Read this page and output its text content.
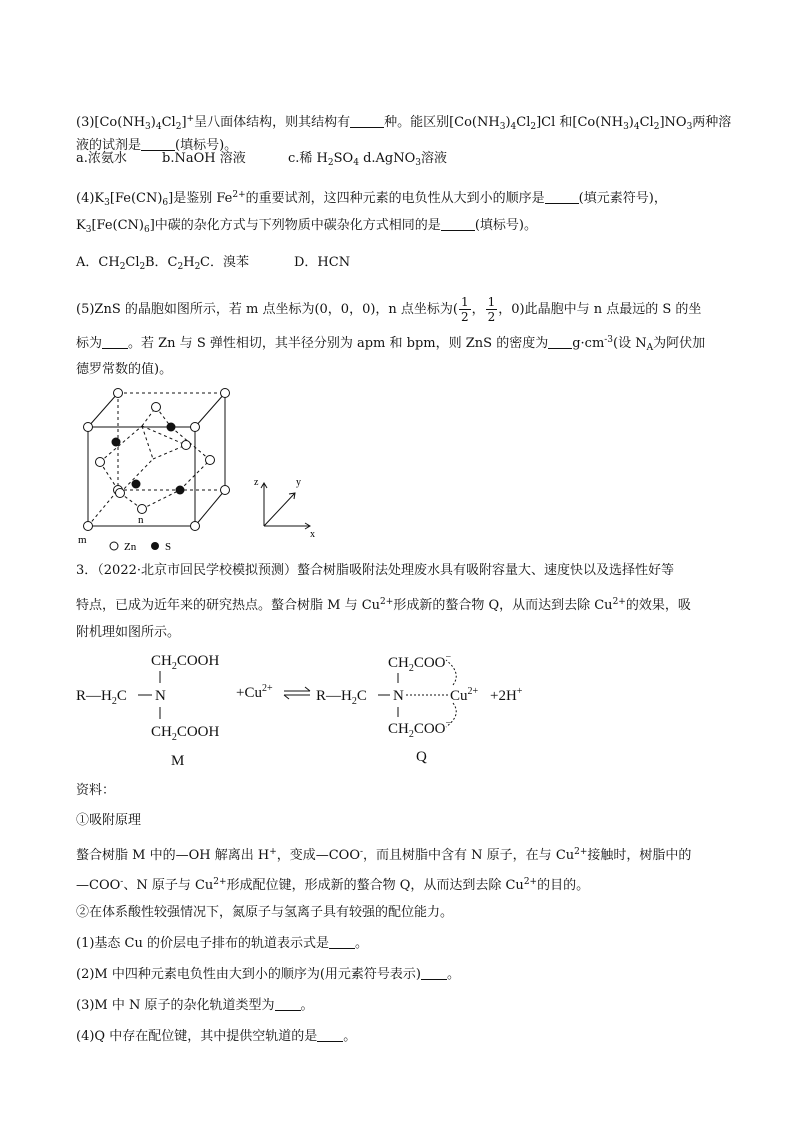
$(3)[Co(NH_3)_4Cl_2]^+$呈八面体结构，则其结构有	种。能区别$[Co(NH_3)_4Cl_2]Cl$ 和$[Co(NH_3)_4Cl_2]NO_3$两种溶
液的试剂是	(填标号)。
a.浓氨水	b.NaOH 溶液	c.稀 $H_2SO_4$ d.AgNO$_3$溶液
$(4)K_3[Fe(CN)_6]$是鉴别 $Fe^{2+}$的重要试剂，这四种元素的电负性从大到小的顺序是	(填元素符号)，
$K_3[Fe(CN)_6]$中碳的杂化方式与下列物质中碳杂化方式相同的是	(填标号)。
A．$CH_2Cl_2$ B．$C_2H_2$ C．溴苯	D．HCN
(5)ZnS 的晶胞如图所示，若 m 点坐标为(0，0，0)，n 点坐标为( $\frac{1}{2}$ ， $\frac{1}{2}$ ，0)此晶胞中与 n 点最远的 S 的坐
标为 。若 Zn 与 S 弹性相切，其半径分别为 apm 和 bpm，则 ZnS 的密度为 $g\cdot cm^{-3}$(设 $N_A$为阿伏加
德罗常数的值)。
n
m
Zn	S
z	y
x
3．（2022·北京市回民学校模拟预测）螯合树脂吸附法处理废水具有吸附容量大、速度快以及选择性好等
特点，已成为近年来的研究热点。螯合树脂 M 与 $Cu^{2+}$形成新的螯合物 Q，从而达到去除 $Cu^{2+}$的效果，吸
附机理如图所示。
$CH_2COOH$
$R—H_2C$ N
$CH_2COOH$
M
$+Cu^{2+}$
$CH_2COO^-$
$R—H_2C$ N	$Cu^{2+} +2H^+$
$CH_2COO^-$
Q
资料：
①吸附原理
螯合树脂 M 中的—OH 解离出 H+，变成—COO-，而且树脂中含有 N 原子，在与 $Cu^{2+}$接触时，树脂中的
—COO-、N 原子与 $Cu^{2+}$形成配位键，形成新的螯合物 Q，从而达到去除 $Cu^{2+}$的目的。
②在体系酸性较强情况下，氮原子与氢离子具有较强的配位能力。
(1)基态 Cu 的价层电子排布的轨道表示式是 。
(2)M 中四种元素电负性由大到小的顺序为(用元素符号表示) 。
(3)M 中 N 原子的杂化轨道类型为 。
(4)Q 中存在配位键，其中提供空轨道的是 。
